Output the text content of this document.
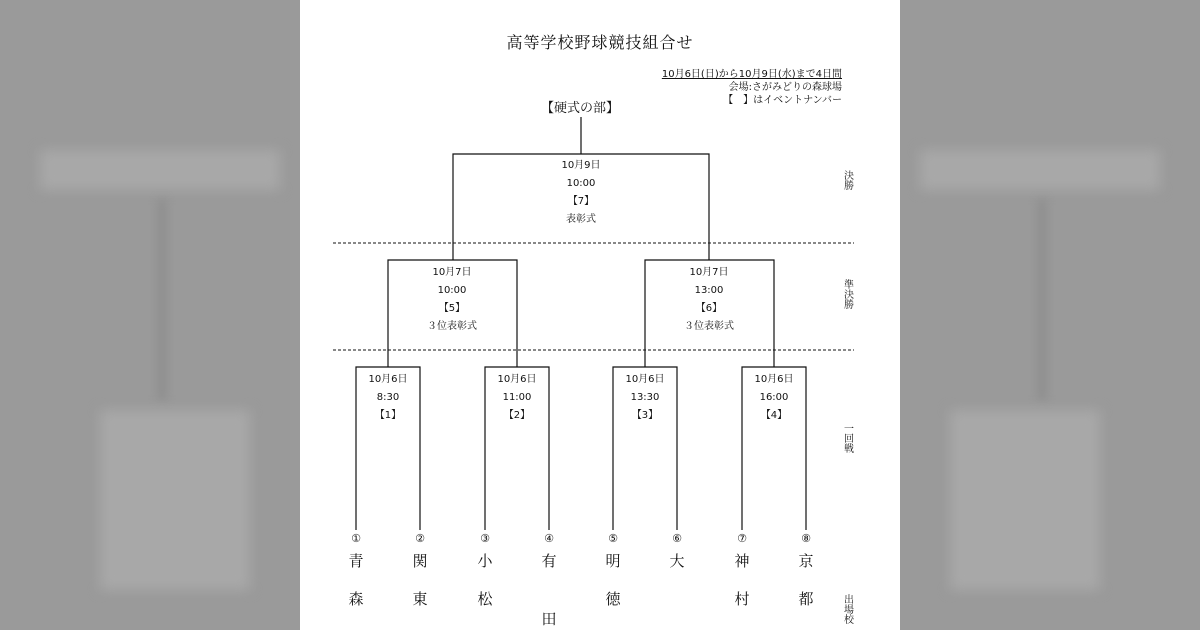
高等学校野球競技組合せ
10月6日(日)から10月9日(水)まで4日間
会場:さがみどりの森球場
【　】はイベントナンバー
【硬式の部】
10月9日
10:00
【7】
表彰式
10月7日
10:00
【5】
３位表彰式
10月7日
13:00
【6】
３位表彰式
10月6日
8:30
【1】
10月6日
11:00
【2】
10月6日
13:30
【3】
10月6日
16:00
【4】
決勝
準決勝
一回戦
出場校
①
青
森
②
関
東
③
小
松
④
有
田
⑤
明
徳
⑥
大
⑦
神
村
⑧
京
都
